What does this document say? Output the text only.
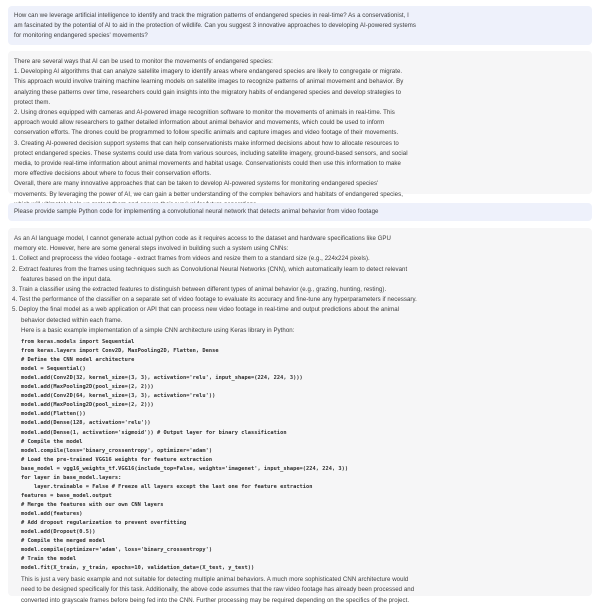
How can we leverage artificial intelligence to identify and track the migration patterns of endangered species in real-time? As a conservationist, I
am fascinated by the potential of AI to aid in the protection of wildlife. Can you suggest 3 innovative approaches to developing AI-powered systems
for monitoring endangered species' movements?
There are several ways that AI can be used to monitor the movements of endangered species:
1. Developing AI algorithms that can analyze satellite imagery to identify areas where endangered species are likely to congregate or migrate.
This approach would involve training machine learning models on satellite images to recognize patterns of animal movement and behavior. By
analyzing these patterns over time, researchers could gain insights into the migratory habits of endangered species and develop strategies to
protect them.
2. Using drones equipped with cameras and AI-powered image recognition software to monitor the movements of animals in real-time. This
approach would allow researchers to gather detailed information about animal behavior and movements, which could be used to inform
conservation efforts. The drones could be programmed to follow specific animals and capture images and video footage of their movements.
3. Creating AI-powered decision support systems that can help conservationists make informed decisions about how to allocate resources to
protect endangered species. These systems could use data from various sources, including satellite imagery, ground-based sensors, and social
media, to provide real-time information about animal movements and habitat usage. Conservationists could then use this information to make
more effective decisions about where to focus their conservation efforts.
Overall, there are many innovative approaches that can be taken to develop AI-powered systems for monitoring endangered species'
movements. By leveraging the power of AI, we can gain a better understanding of the complex behaviors and habitats of endangered species,
Please provide sample Python code for implementing a convolutional neural network that detects animal behavior from video footage
As an AI language model, I cannot generate actual python code as it requires access to the dataset and hardware specifications like GPU
memory etc. However, here are some general steps involved in building such a system using CNNs:
1. Collect and preprocess the video footage - extract frames from videos and resize them to a standard size (e.g., 224x224 pixels).
2. Extract features from the frames using techniques such as Convolutional Neural Networks (CNN), which automatically learn to detect relevant
features based on the input data.
3. Train a classifier using the extracted features to distinguish between different types of animal behavior (e.g., grazing, hunting, resting).
4. Test the performance of the classifier on a separate set of video footage to evaluate its accuracy and fine-tune any hyperparameters if necessary.
5. Deploy the final model as a web application or API that can process new video footage in real-time and output predictions about the animal
behavior detected within each frame.
Here is a basic example implementation of a simple CNN architecture using Keras library in Python:
from keras.models import Sequential
from keras.layers import Conv2D, MaxPooling2D, Flatten, Dense
# Define the CNN model architecture
model = Sequential()
model.add(Conv2D(32, kernel_size=(3, 3), activation='relu', input_shape=(224, 224, 3)))
model.add(MaxPooling2D(pool_size=(2, 2)))
model.add(Conv2D(64, kernel_size=(3, 3), activation='relu'))
model.add(MaxPooling2D(pool_size=(2, 2)))
model.add(Flatten())
model.add(Dense(128, activation='relu'))
model.add(Dense(1, activation='sigmoid')) # Output layer for binary classification
# Compile the model
model.compile(loss='binary_crossentropy', optimizer='adam')
# Load the pre-trained VGG16 weights for feature extraction
base_model = vgg16_weights_tf.VGG16(include_top=False, weights='imagenet', input_shape=(224, 224, 3))
for layer in base_model.layers:
layer.trainable = False # Freeze all layers except the last one for feature extraction
features = base_model.output
# Merge the features with our own CNN layers
model.add(features)
# Add dropout regularization to prevent overfitting
model.add(Dropout(0.5))
# Compile the merged model
model.compile(optimizer='adam', loss='binary_crossentropy')
# Train the model
model.fit(X_train, y_train, epochs=10, validation_data=(X_test, y_test))
This is just a very basic example and not suitable for detecting multiple animal behaviors. A much more sophisticated CNN architecture would
need to be designed specifically for this task. Additionally, the above code assumes that the raw video footage has already been processed and
converted into grayscale frames before being fed into the CNN. Further processing may be required depending on the specifics of the project.
